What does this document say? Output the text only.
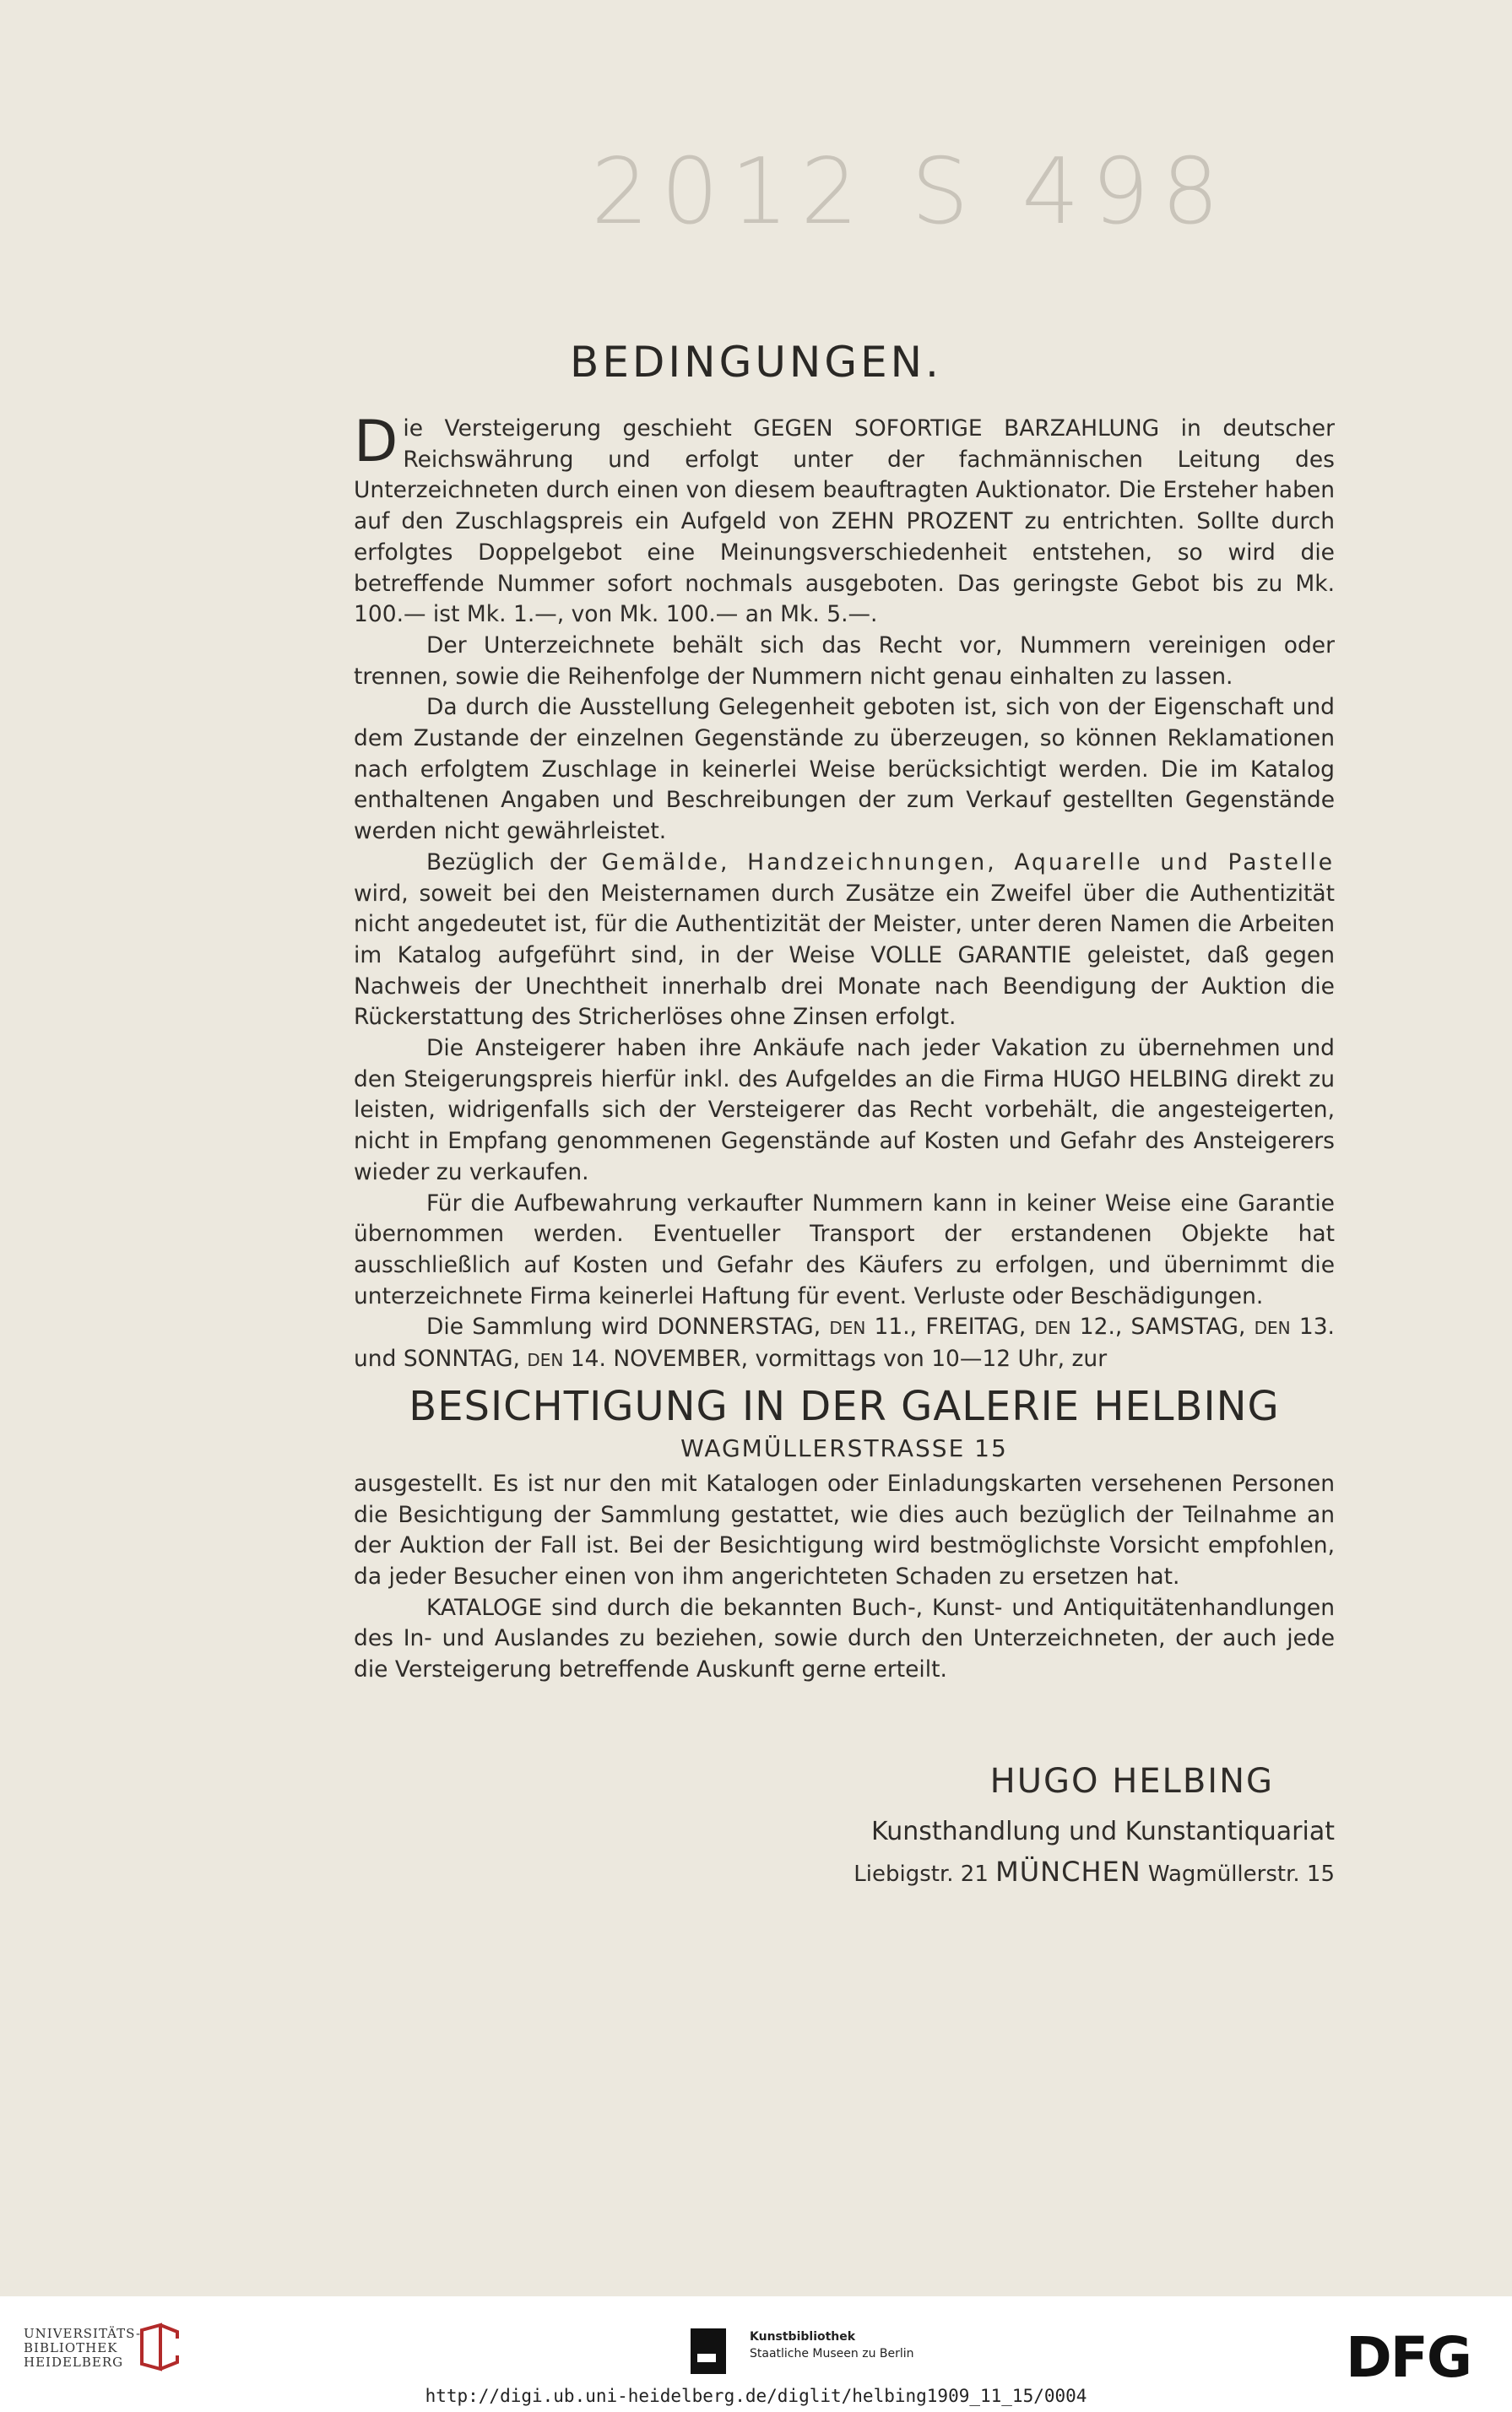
2012 S 498
BEDINGUNGEN.

Die Versteigerung geschieht GEGEN SOFORTIGE BARZAHLUNG in deutscher Reichswährung und erfolgt unter der fachmännischen Leitung des Unterzeichneten durch einen von diesem beauftragten Auktionator. Die Ersteher haben auf den Zuschlagspreis ein Aufgeld von ZEHN PROZENT zu entrichten. Sollte durch erfolgtes Doppelgebot eine Meinungsverschiedenheit entstehen, so wird die betreffende Nummer sofort nochmals ausgeboten. Das geringste Gebot bis zu Mk. 100.— ist Mk. 1.—, von Mk. 100.— an Mk. 5.—.

Der Unterzeichnete behält sich das Recht vor, Nummern vereinigen oder trennen, sowie die Reihenfolge der Nummern nicht genau einhalten zu lassen.

Da durch die Ausstellung Gelegenheit geboten ist, sich von der Eigenschaft und dem Zustande der einzelnen Gegenstände zu überzeugen, so können Reklamationen nach erfolgtem Zuschlage in keinerlei Weise berücksichtigt werden. Die im Katalog enthaltenen Angaben und Beschreibungen der zum Verkauf gestellten Gegenstände werden nicht gewährleistet.

Bezüglich der Gemälde, Handzeichnungen, Aquarelle und Pastelle wird, soweit bei den Meisternamen durch Zusätze ein Zweifel über die Authentizität nicht angedeutet ist, für die Authentizität der Meister, unter deren Namen die Arbeiten im Katalog aufgeführt sind, in der Weise VOLLE GARANTIE geleistet, daß gegen Nachweis der Unechtheit innerhalb drei Monate nach Beendigung der Auktion die Rückerstattung des Stricherlöses ohne Zinsen erfolgt.

Die Ansteigerer haben ihre Ankäufe nach jeder Vakation zu übernehmen und den Steigerungspreis hierfür inkl. des Aufgeldes an die Firma HUGO HELBING direkt zu leisten, widrigenfalls sich der Versteigerer das Recht vorbehält, die angesteigerten, nicht in Empfang genommenen Gegenstände auf Kosten und Gefahr des Ansteigerers wieder zu verkaufen.

Für die Aufbewahrung verkaufter Nummern kann in keiner Weise eine Garantie übernommen werden. Eventueller Transport der erstandenen Objekte hat ausschließlich auf Kosten und Gefahr des Käufers zu erfolgen, und übernimmt die unterzeichnete Firma keinerlei Haftung für event. Verluste oder Beschädigungen.

Die Sammlung wird DONNERSTAG, DEN 11., FREITAG, DEN 12., SAMSTAG, DEN 13. und SONNTAG, DEN 14. NOVEMBER, vormittags von 10—12 Uhr, zur

BESICHTIGUNG IN DER GALERIE HELBING
WAGMÜLLERSTRASSE 15

ausgestellt. Es ist nur den mit Katalogen oder Einladungskarten versehenen Personen die Besichtigung der Sammlung gestattet, wie dies auch bezüglich der Teilnahme an der Auktion der Fall ist. Bei der Besichtigung wird bestmöglichste Vorsicht empfohlen, da jeder Besucher einen von ihm angerichteten Schaden zu ersetzen hat.

KATALOGE sind durch die bekannten Buch-, Kunst- und Antiquitätenhandlungen des In- und Auslandes zu beziehen, sowie durch den Unterzeichneten, der auch jede die Versteigerung betreffende Auskunft gerne erteilt.

HUGO HELBING
Kunsthandlung und Kunstantiquariat
Liebigstr. 21 MÜNCHEN Wagmüllerstr. 15
UNIVERSITÄTS-
BIBLIOTHEK
HEIDELBERG
Kunstbibliothek
Staatliche Museen zu Berlin	DFG
http://digi.ub.uni-heidelberg.de/diglit/helbing1909_11_15/0004
